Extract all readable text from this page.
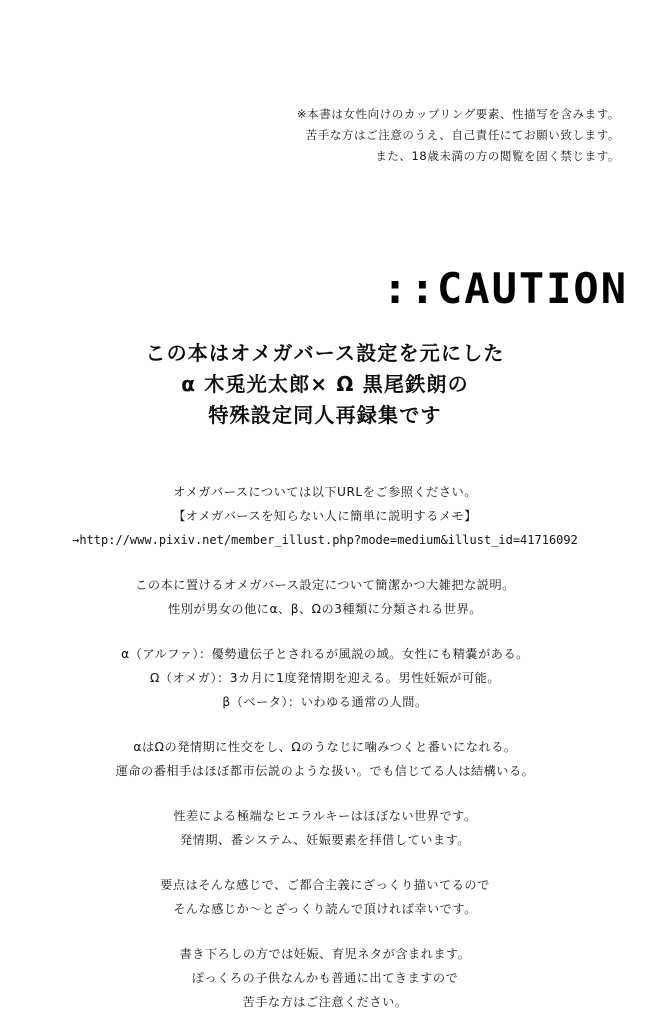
※本書は女性向けのカップリング要素、性描写を含みます。
苦手な方はご注意のうえ、自己責任にてお願い致します。
また、18歳未満の方の閲覧を固く禁じます。
::CAUTION
この本はオメガバース設定を元にした
α 木兎光太郎× Ω 黒尾鉄朗の
特殊設定同人再録集です
オメガバースについては以下URLをご参照ください。
【オメガバースを知らない人に簡単に説明するメモ】
→http://www.pixiv.net/member_illust.php?mode=medium&illust_id=41716092
この本に置けるオメガバース設定について簡潔かつ大雑把な説明。
性別が男女の他にα、β、Ωの3種類に分類される世界。
α（アルファ）：優勢遺伝子とされるが風説の域。女性にも精嚢がある。
Ω（オメガ）：3カ月に1度発情期を迎える。男性妊娠が可能。
β（ベータ）：いわゆる通常の人間。
αはΩの発情期に性交をし、Ωのうなじに噛みつくと番いになれる。
運命の番相手はほぼ都市伝説のような扱い。でも信じてる人は結構いる。
性差による極端なヒエラルキーはほぼない世界です。
発情期、番システム、妊娠要素を拝借しています。
要点はそんな感じで、ご都合主義にざっくり描いてるので
そんな感じか〜とざっくり読んで頂ければ幸いです。
書き下ろしの方では妊娠、育児ネタが含まれます。
ぽっくろの子供なんかも普通に出てきますので
苦手な方はご注意ください。
